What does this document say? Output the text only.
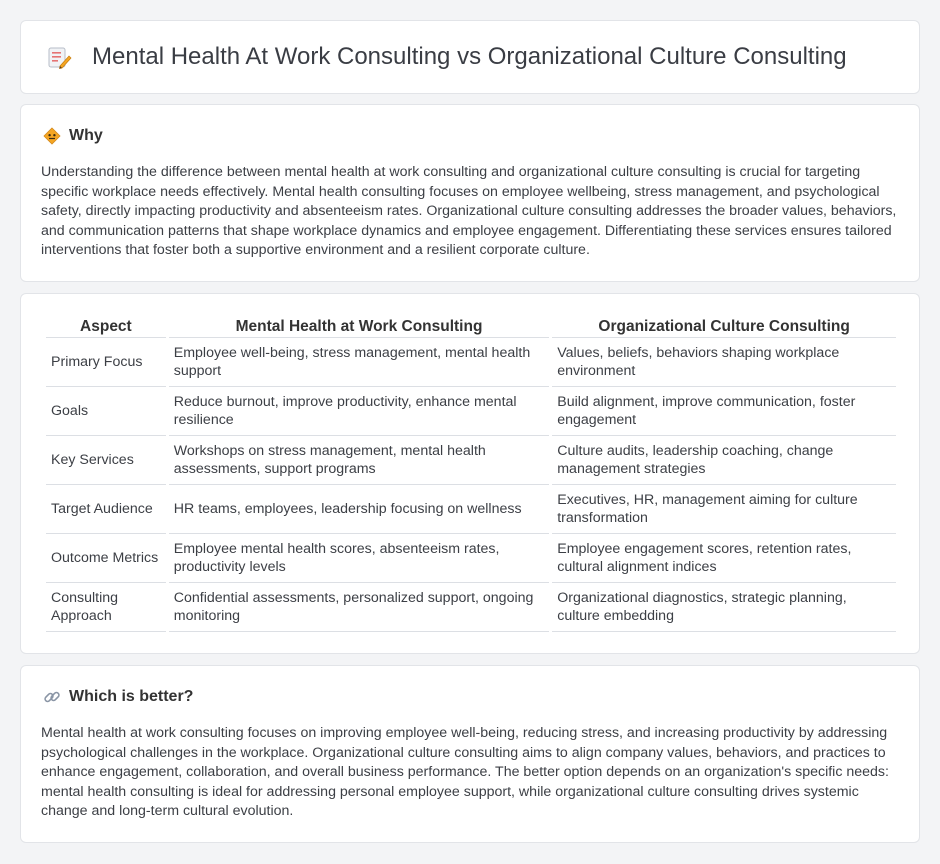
Mental Health At Work Consulting vs Organizational Culture Consulting
Why

Understanding the difference between mental health at work consulting and organizational culture consulting is crucial for targeting specific workplace needs effectively. Mental health consulting focuses on employee wellbeing, stress management, and psychological safety, directly impacting productivity and absenteeism rates. Organizational culture consulting addresses the broader values, behaviors, and communication patterns that shape workplace dynamics and employee engagement. Differentiating these services ensures tailored interventions that foster both a supportive environment and a resilient corporate culture.

Aspect	Mental Health at Work Consulting	Organizational Culture Consulting
Primary Focus	Employee well-being, stress management, mental health support	Values, beliefs, behaviors shaping workplace environment
Goals	Reduce burnout, improve productivity, enhance mental resilience	Build alignment, improve communication, foster engagement
Key Services	Workshops on stress management, mental health assessments, support programs	Culture audits, leadership coaching, change management strategies
Target Audience	HR teams, employees, leadership focusing on wellness	Executives, HR, management aiming for culture transformation
Outcome Metrics	Employee mental health scores, absenteeism rates, productivity levels	Employee engagement scores, retention rates, cultural alignment indices
Consulting Approach	Confidential assessments, personalized support, ongoing monitoring	Organizational diagnostics, strategic planning, culture embedding
Which is better?

Mental health at work consulting focuses on improving employee well-being, reducing stress, and increasing productivity by addressing psychological challenges in the workplace. Organizational culture consulting aims to align company values, behaviors, and practices to enhance engagement, collaboration, and overall business performance. The better option depends on an organization's specific needs: mental health consulting is ideal for addressing personal employee support, while organizational culture consulting drives systemic change and long-term cultural evolution.
